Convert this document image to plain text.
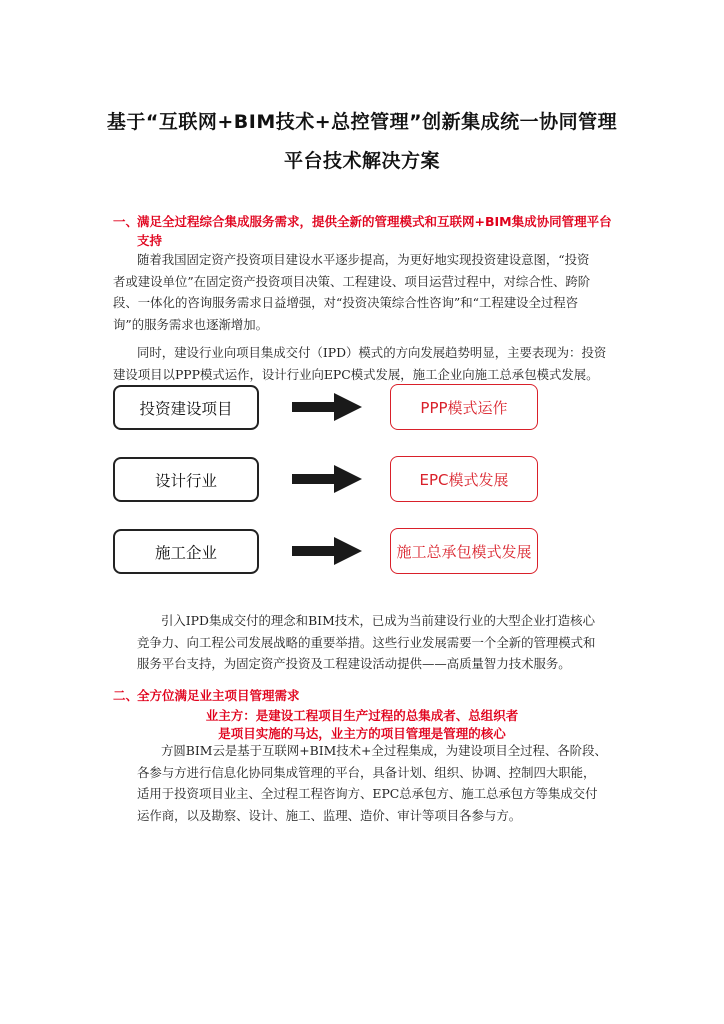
基于“互联网+BIM技术+总控管理”创新集成统一协同管理
平台技术解决方案
一、
满足全过程综合集成服务需求，提供全新的管理模式和互联网+BIM集成协同管理平台
支持

随着我国固定资产投资项目建设水平逐步提高，为更好地实现投资建设意图，“投资

者或建设单位”在固定资产投资项目决策、工程建设、项目运营过程中，对综合性、跨阶

段、一体化的咨询服务需求日益增强，对“投资决策综合性咨询”和“工程建设全过程咨

询”的服务需求也逐渐增加。

同时，建设行业向项目集成交付（IPD）模式的方向发展趋势明显，主要表现为：投资

建设项目以PPP模式运作，设计行业向EPC模式发展，施工企业向施工总承包模式发展。

投资建设项目	PPP模式运作
设计行业	EPC模式发展
施工企业	施工总承包模式发展

引入IPD集成交付的理念和BIM技术，已成为当前建设行业的大型企业打造核心

竞争力、向工程公司发展战略的重要举措。这些行业发展需要一个全新的管理模式和

服务平台支持，为固定资产投资及工程建设活动提供——高质量智力技术服务。

二、
全方位满足业主项目管理需求
业主方：是建设工程项目生产过程的总集成者、总组织者
是项目实施的马达，业主方的项目管理是管理的核心

方圆BIM云是基于互联网+BIM技术+全过程集成，为建设项目全过程、各阶段、

各参与方进行信息化协同集成管理的平台，具备计划、组织、协调、控制四大职能，

适用于投资项目业主、全过程工程咨询方、EPC总承包方、施工总承包方等集成交付

运作商，以及勘察、设计、施工、监理、造价、审计等项目各参与方。
